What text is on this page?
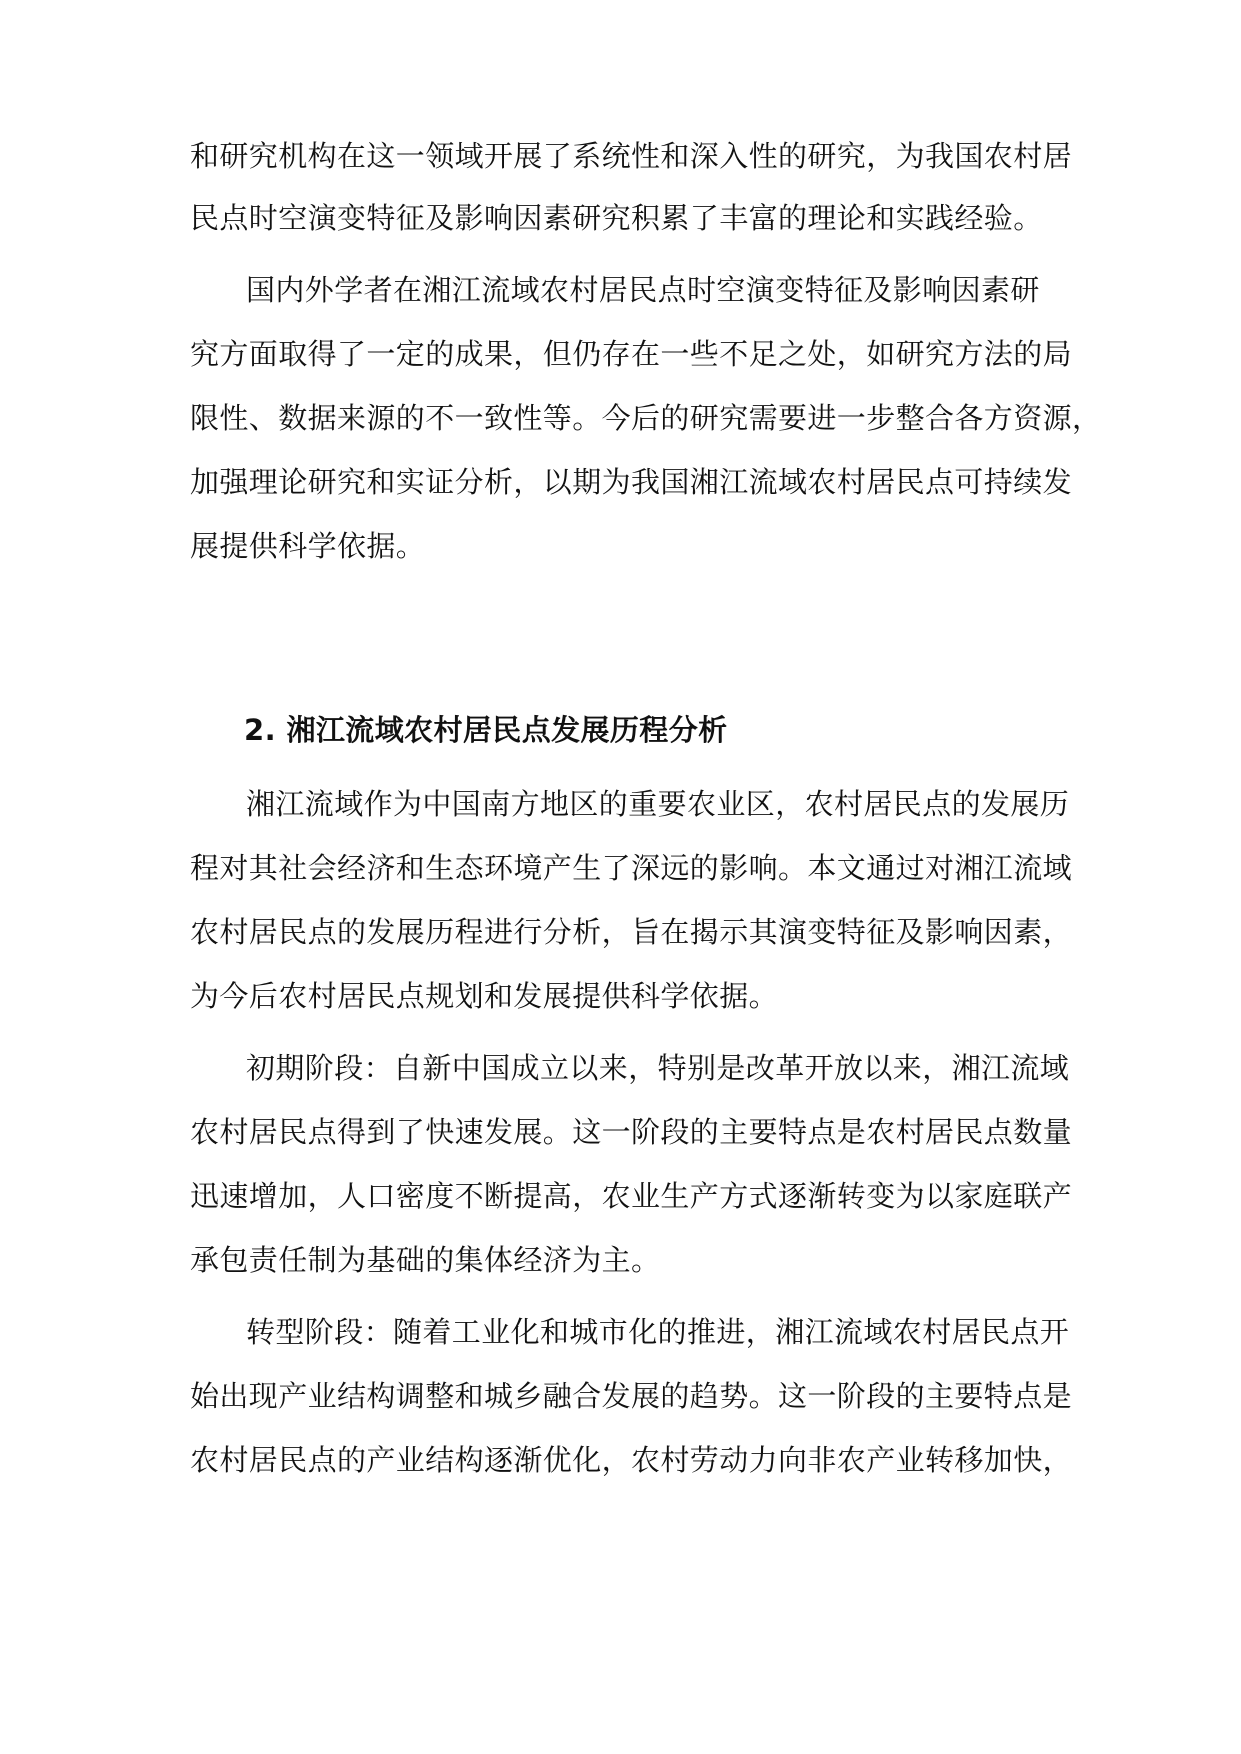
和研究机构在这一领域开展了系统性和深入性的研究，为我国农村居
民点时空演变特征及影响因素研究积累了丰富的理论和实践经验。
国内外学者在湘江流域农村居民点时空演变特征及影响因素研
究方面取得了一定的成果，但仍存在一些不足之处，如研究方法的局
限性、数据来源的不一致性等。今后的研究需要进一步整合各方资源，
加强理论研究和实证分析，以期为我国湘江流域农村居民点可持续发
展提供科学依据。
2. 湘江流域农村居民点发展历程分析
湘江流域作为中国南方地区的重要农业区，农村居民点的发展历
程对其社会经济和生态环境产生了深远的影响。本文通过对湘江流域
农村居民点的发展历程进行分析，旨在揭示其演变特征及影响因素，
为今后农村居民点规划和发展提供科学依据。
初期阶段：自新中国成立以来，特别是改革开放以来，湘江流域
农村居民点得到了快速发展。这一阶段的主要特点是农村居民点数量
迅速增加，人口密度不断提高，农业生产方式逐渐转变为以家庭联产
承包责任制为基础的集体经济为主。
转型阶段：随着工业化和城市化的推进，湘江流域农村居民点开
始出现产业结构调整和城乡融合发展的趋势。这一阶段的主要特点是
农村居民点的产业结构逐渐优化，农村劳动力向非农产业转移加快，
